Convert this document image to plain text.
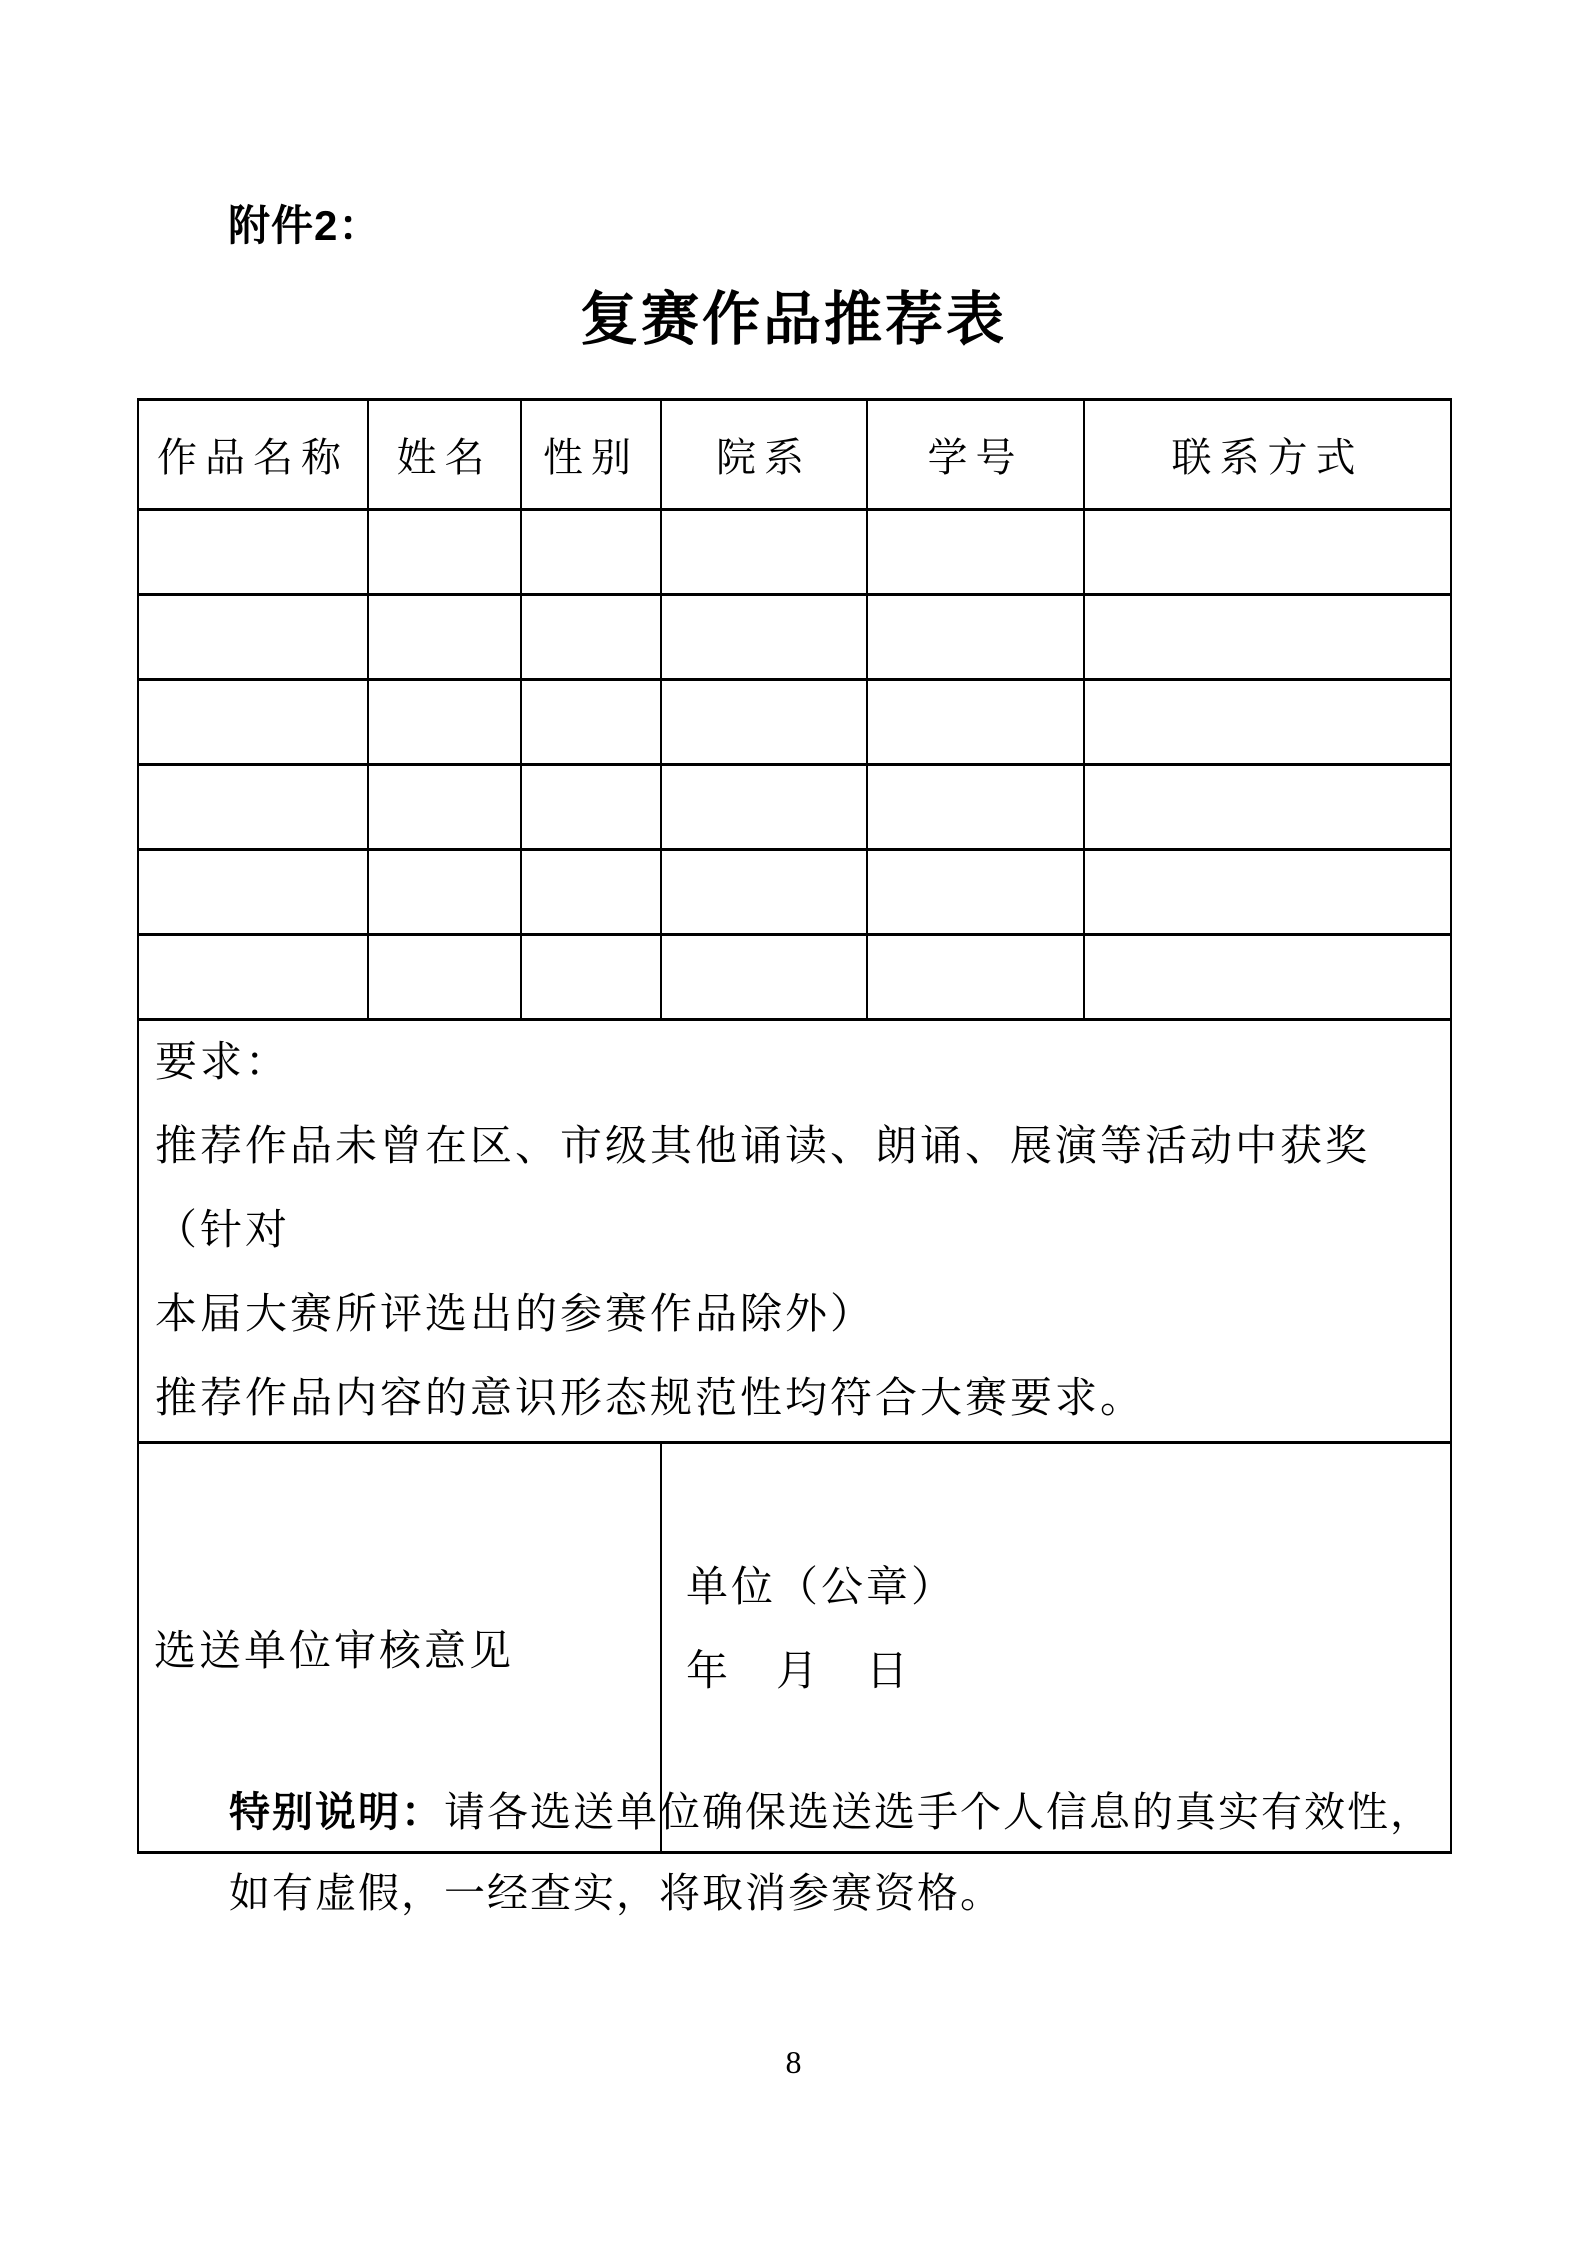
附件2：
复赛作品推荐表
作品名称	姓名	性别	院系	学号	联系方式

要求：
推荐作品未曾在区、市级其他诵读、朗诵、展演等活动中获奖（针对
本届大赛所评选出的参赛作品除外）
推荐作品内容的意识形态规范性均符合大赛要求。					

选送单位审核意见			单位（公章）
年　月　日		
特别说明：请各选送单位确保选送选手个人信息的真实有效性，
如有虚假，一经查实，将取消参赛资格。
8
